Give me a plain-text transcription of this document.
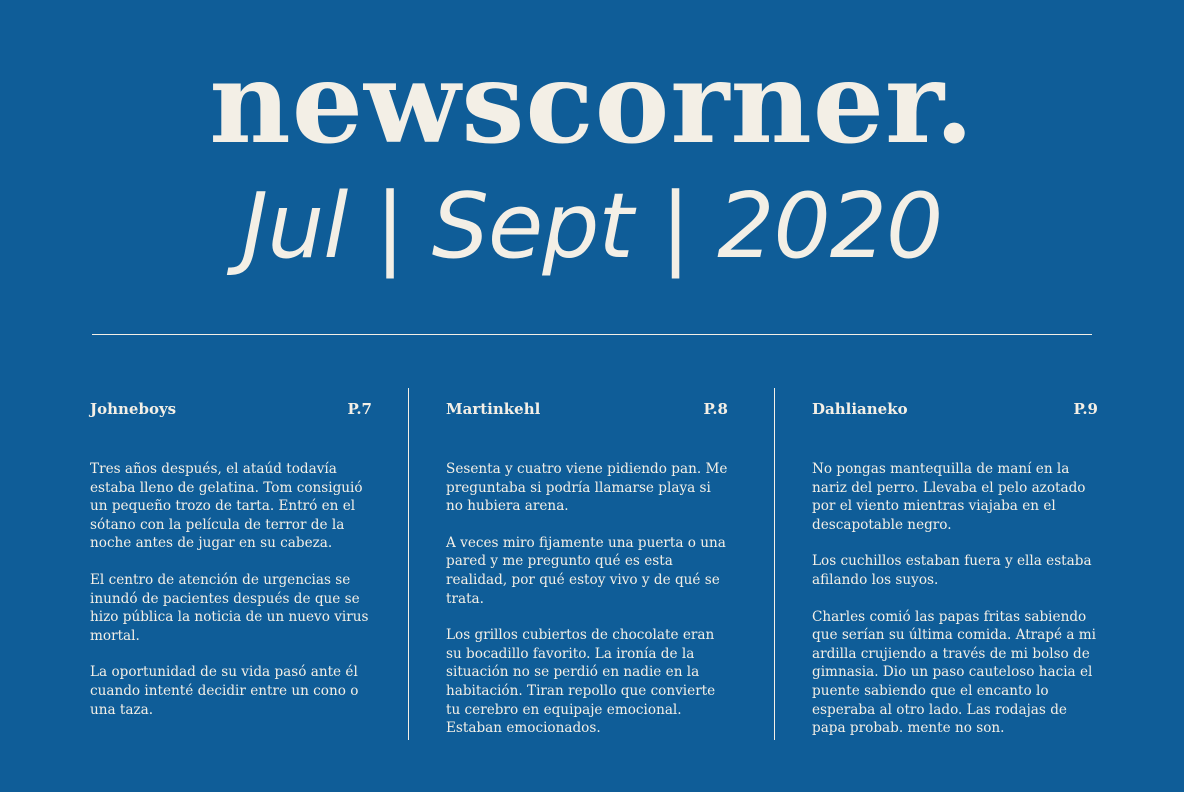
newscorner.
Jul | Sept | 2020
Johneboys	P.7

Tres años después, el ataúd todavía estaba lleno de gelatina. Tom consiguió un pequeño trozo de tarta. Entró en el sótano con la película de terror de la noche antes de jugar en su cabeza.

El centro de atención de urgencias se inundó de pacientes después de que se hizo pública la noticia de un nuevo virus mortal.

La oportunidad de su vida pasó ante él cuando intenté decidir entre un cono o una taza.

Martinkehl	P.8

Sesenta y cuatro viene pidiendo pan. Me preguntaba si podría llamarse playa si no hubiera arena.

A veces miro fijamente una puerta o una pared y me pregunto qué es esta realidad, por qué estoy vivo y de qué se trata.

Los grillos cubiertos de chocolate eran su bocadillo favorito. La ironía de la situación no se perdió en nadie en la habitación. Tiran repollo que convierte tu cerebro en equipaje emocional. Estaban emocionados.

Dahlianeko	P.9

No pongas mantequilla de maní en la nariz del perro. Llevaba el pelo azotado por el viento mientras viajaba en el descapotable negro.

Los cuchillos estaban fuera y ella estaba afilando los suyos.

Charles comió las papas fritas sabiendo que serían su última comida. Atrapé a mi ardilla crujiendo a través de mi bolso de gimnasia. Dio un paso cauteloso hacia el puente sabiendo que el encanto lo esperaba al otro lado. Las rodajas de papa probab. mente no son.
